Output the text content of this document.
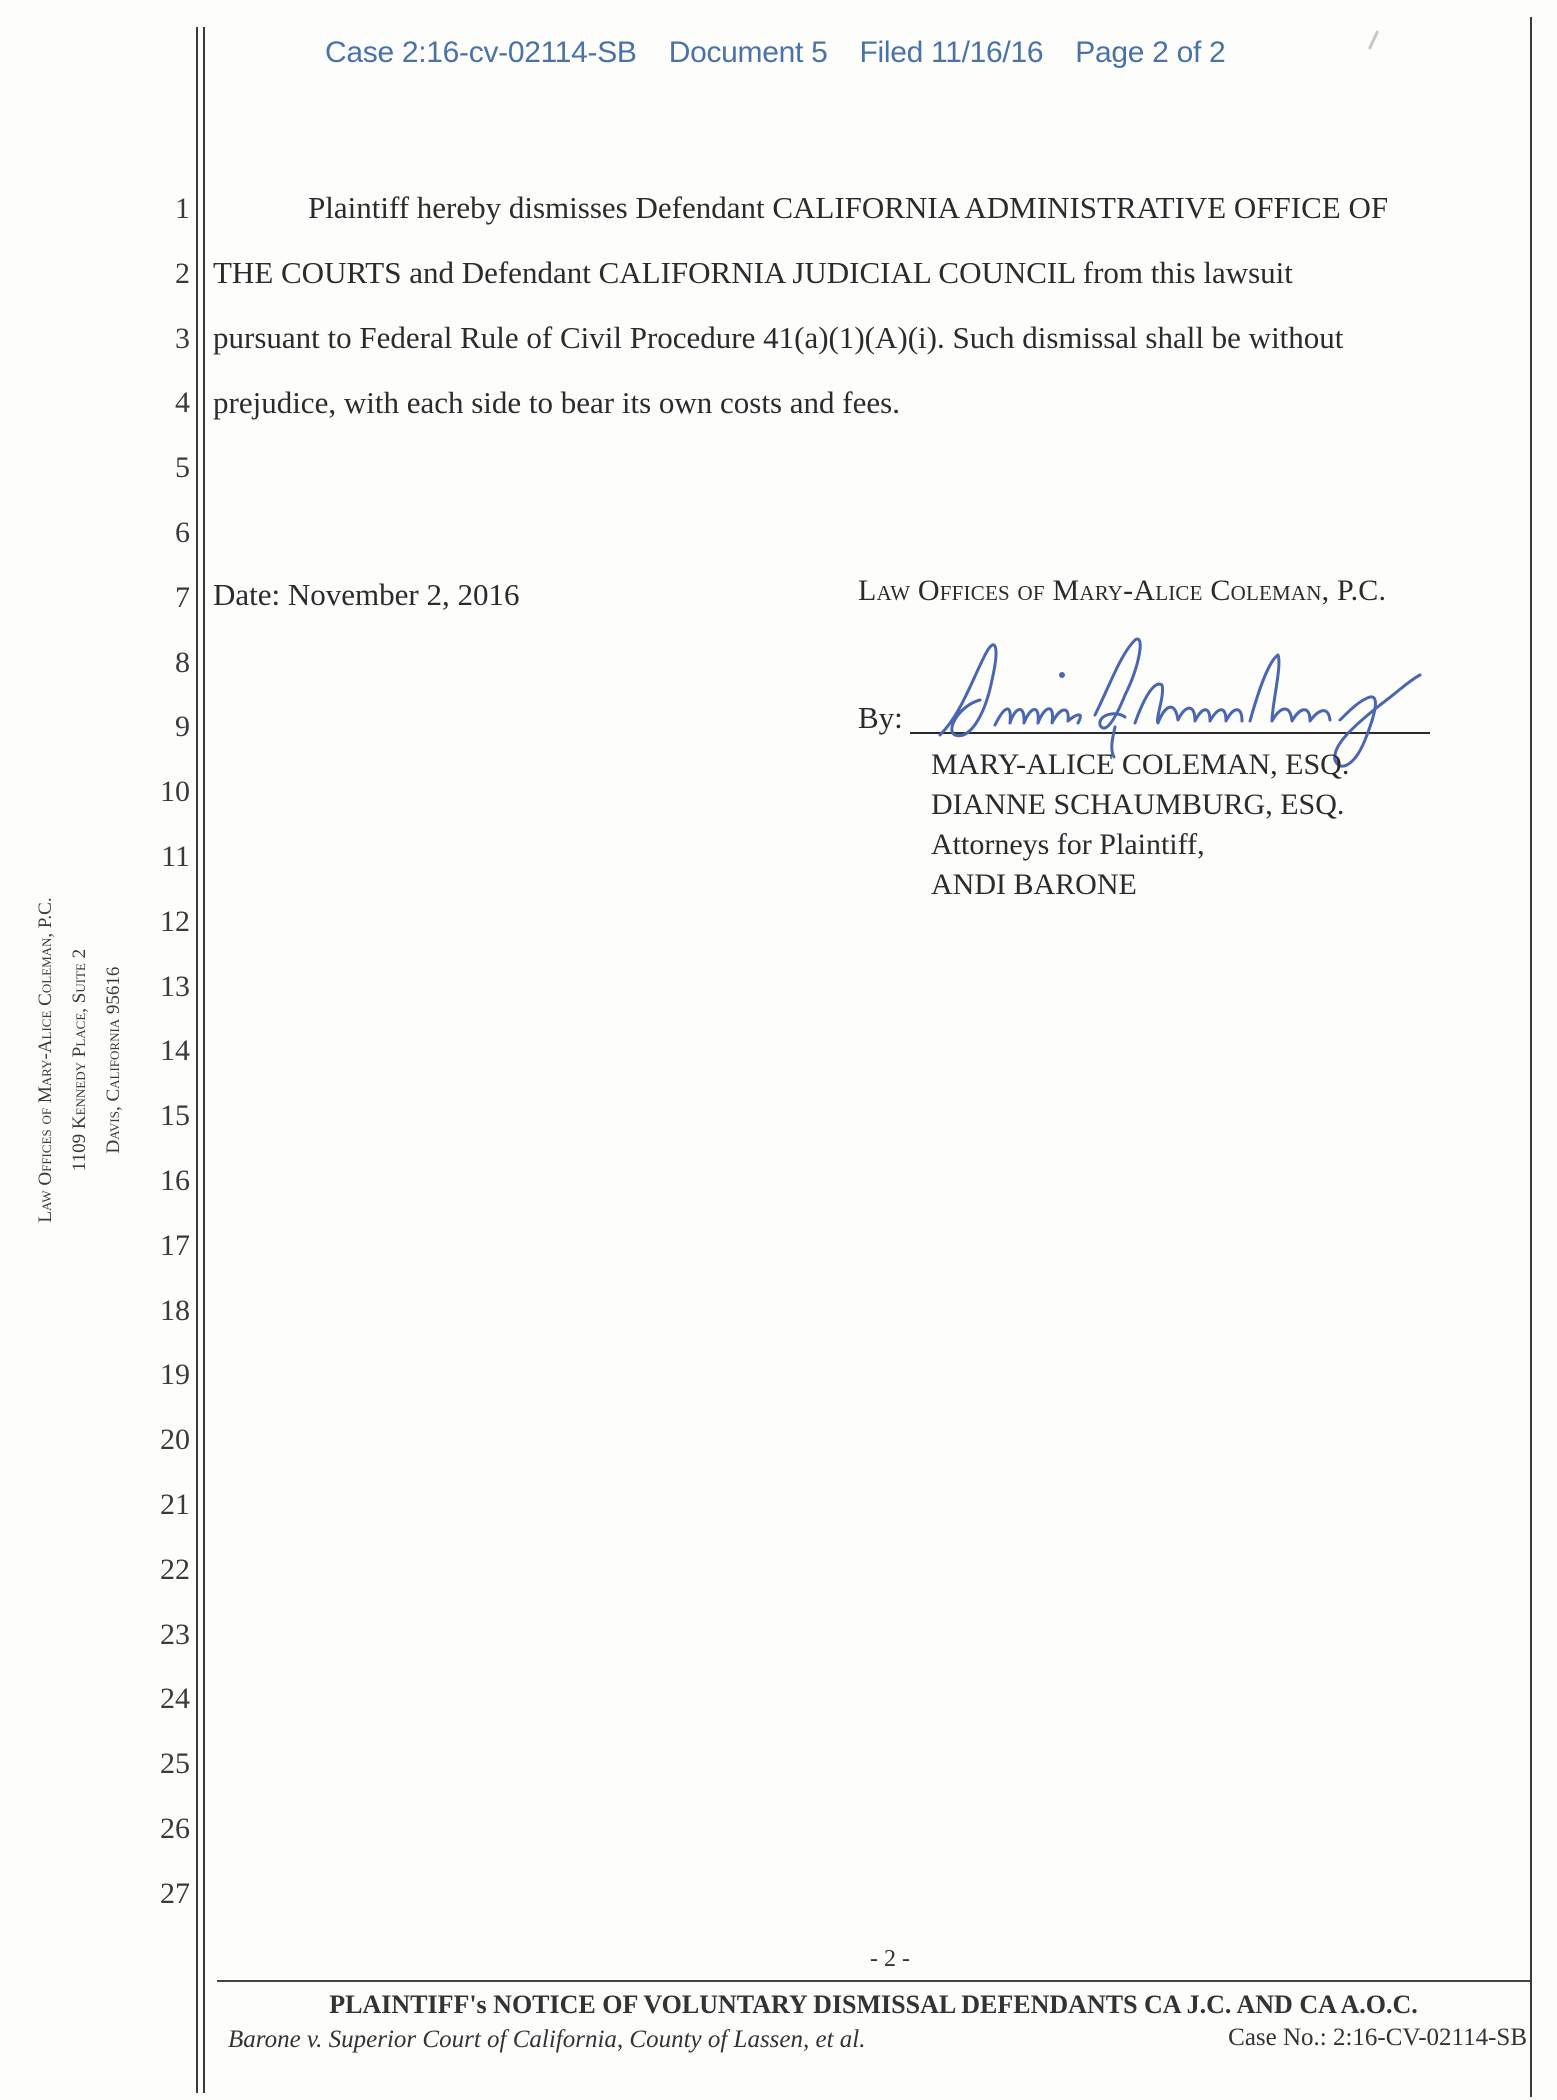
Case 2:16-cv-02114-SB Document 5 Filed 11/16/16 Page 2 of 2
1
2
3
4
5
6
7
8
9
10
11
12
13
14
15
16
17
18
19
20
21
22
23
24
25
26
27
Plaintiff hereby dismisses Defendant CALIFORNIA ADMINISTRATIVE OFFICE OF
THE COURTS and Defendant CALIFORNIA JUDICIAL COUNCIL from this lawsuit
pursuant to Federal Rule of Civil Procedure 41(a)(1)(A)(i). Such dismissal shall be without
prejudice, with each side to bear its own costs and fees.
Date: November 2, 2016	Law Offices of Mary-Alice Coleman, P.C.
By:
MARY-ALICE COLEMAN, ESQ.
DIANNE SCHAUMBURG, ESQ.
Attorneys for Plaintiff,
ANDI BARONE
Law Offices of Mary-Alice Coleman, P.C. 1109 Kennedy Place, Suite 2 Davis, California 95616
- 2 -
PLAINTIFF's NOTICE OF VOLUNTARY DISMISSAL DEFENDANTS CA J.C. AND CA A.O.C.
Barone v. Superior Court of California, County of Lassen, et al.	Case No.: 2:16-CV-02114-SB
